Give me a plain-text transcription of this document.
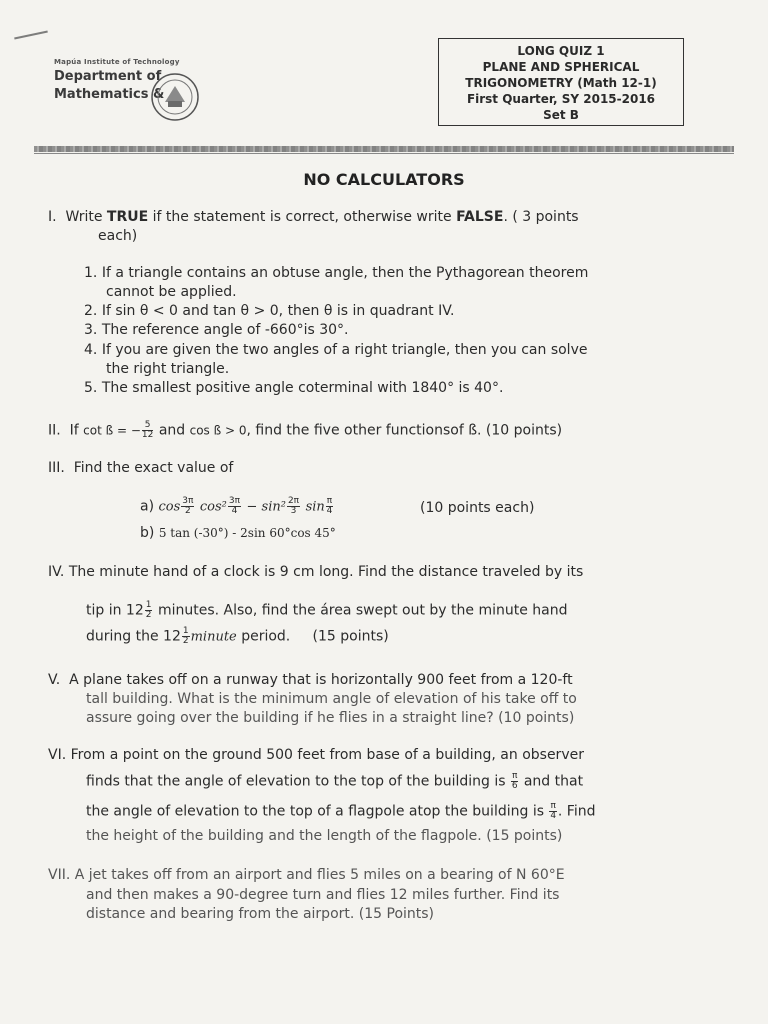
Mapúa Institute of Technology
Department of
Mathematics &
LONG QUIZ 1
PLANE AND SPHERICAL
TRIGONOMETRY (Math 12-1)
First Quarter, SY 2015-2016
Set B
NO CALCULATORS
I. Write TRUE if the statement is correct, otherwise write FALSE. ( 3 points
each)
1. If a triangle contains an obtuse angle, then the Pythagorean theorem
cannot be applied.
2. If sin θ < 0 and tan θ > 0, then θ is in quadrant IV.
3. The reference angle of -660°is 30°.
4. If you are given the two angles of a right triangle, then you can solve
the right triangle.
5. The smallest positive angle coterminal with 1840° is 40°.
II. If cot ß = − $\frac{5}{12}$ and cos ß > 0, find the five other functionsof ß. (10 points)
III. Find the exact value of
a) $\cos \frac{3\pi}{2} \cos^2 \frac{3\pi}{4} - \sin^2 \frac{2\pi}{3}$ $\sin \frac{\pi}{4}$	(10 points each)
b) 5 tan (-30°) - 2sin 60°cos 45°
IV. The minute hand of a clock is 9 cm long. Find the distance traveled by its
tip in $12 \frac{1}{2}$ minutes. Also, find the área swept out by the minute hand
during the $12 \frac{1}{2}$ minute period. (15 points)
V. A plane takes off on a runway that is horizontally 900 feet from a 120-ft
tall building. What is the minimum angle of elevation of his take off to
assure going over the building if he flies in a straight line? (10 points)
VI. From a point on the ground 500 feet from base of a building, an observer
finds that the angle of elevation to the top of the building is $\frac{\pi}{6}$ and that
the angle of elevation to the top of a flagpole atop the building is $\frac{\pi}{4}$ . Find
the height of the building and the length of the flagpole. (15 points)
VII. A jet takes off from an airport and flies 5 miles on a bearing of N 60°E
and then makes a 90-degree turn and flies 12 miles further. Find its
distance and bearing from the airport. (15 Points)
